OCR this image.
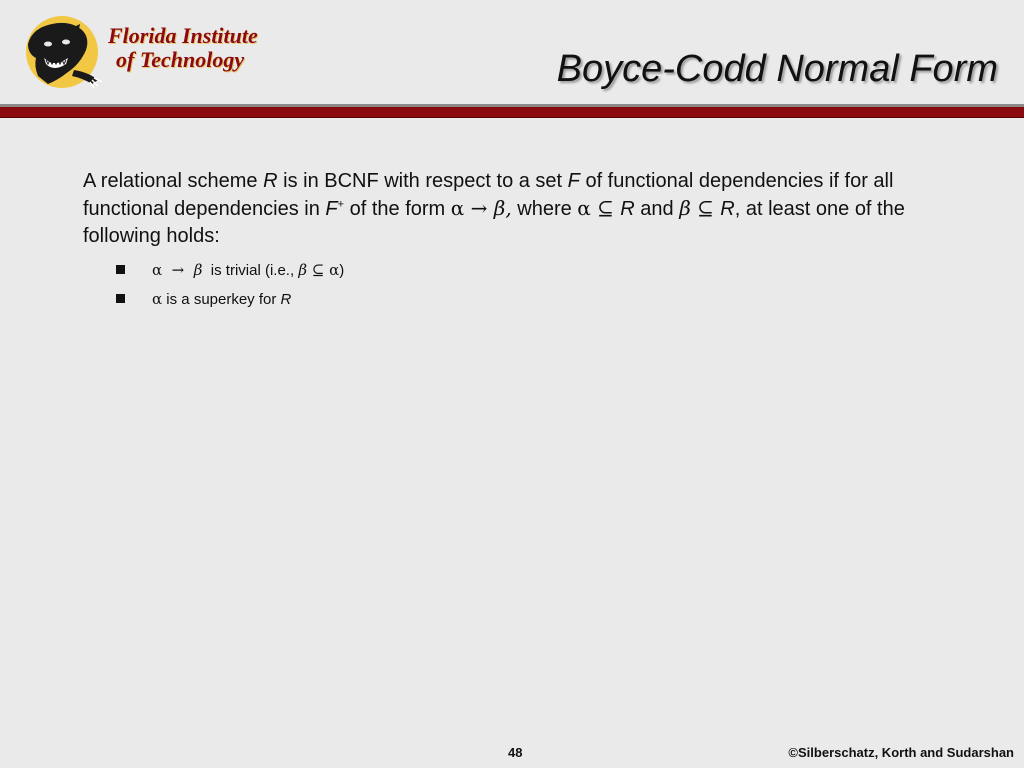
Florida Institute
of Technology	Boyce-Codd Normal Form
A relational scheme R is in BCNF with respect to a set F of functional dependencies if for all functional dependencies in F+ of the form α → β, where α ⊆ R and β ⊆ R, at least one of the following holds:
α  →  β  is trivial (i.e., β ⊆ α)
α is a superkey for R
48	©Silberschatz, Korth and Sudarshan
